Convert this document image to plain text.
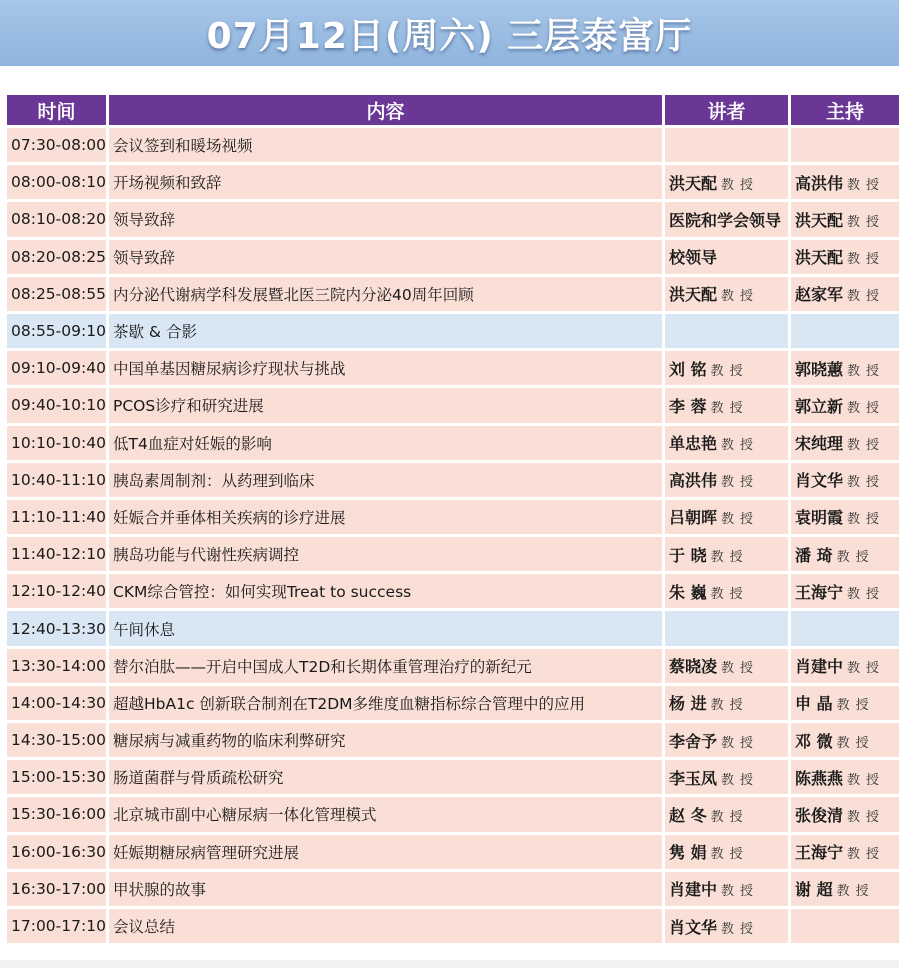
07月12日(周六) 三层泰富厅
时间	内容	讲者	主持
07:30-08:00	会议签到和暖场视频		
08:00-08:10	开场视频和致辞	洪天配 教授	高洪伟 教授
08:10-08:20	领导致辞	医院和学会领导	洪天配 教授
08:20-08:25	领导致辞	校领导	洪天配 教授
08:25-08:55	内分泌代谢病学科发展暨北医三院内分泌40周年回顾	洪天配 教授	赵家军 教授
08:55-09:10	茶歇 & 合影		
09:10-09:40	中国单基因糖尿病诊疗现状与挑战	刘 铭 教授	郭晓蕙 教授
09:40-10:10	PCOS诊疗和研究进展	李 蓉 教授	郭立新 教授
10:10-10:40	低T4血症对妊娠的影响	单忠艳 教授	宋纯理 教授
10:40-11:10	胰岛素周制剂：从药理到临床	高洪伟 教授	肖文华 教授
11:10-11:40	妊娠合并垂体相关疾病的诊疗进展	吕朝晖 教授	袁明霞 教授
11:40-12:10	胰岛功能与代谢性疾病调控	于 晓 教授	潘 琦 教授
12:10-12:40	CKM综合管控：如何实现Treat to success	朱 巍 教授	王海宁 教授
12:40-13:30	午间休息		
13:30-14:00	替尔泊肽——开启中国成人T2D和长期体重管理治疗的新纪元	蔡晓凌 教授	肖建中 教授
14:00-14:30	超越HbA1c 创新联合制剂在T2DM多维度血糖指标综合管理中的应用	杨 进 教授	申 晶 教授
14:30-15:00	糖尿病与减重药物的临床利弊研究	李舍予 教授	邓 微 教授
15:00-15:30	肠道菌群与骨质疏松研究	李玉凤 教授	陈燕燕 教授
15:30-16:00	北京城市副中心糖尿病一体化管理模式	赵 冬 教授	张俊清 教授
16:00-16:30	妊娠期糖尿病管理研究进展	隽 娟 教授	王海宁 教授
16:30-17:00	甲状腺的故事	肖建中 教授	谢 超 教授
17:00-17:10	会议总结	肖文华 教授	
